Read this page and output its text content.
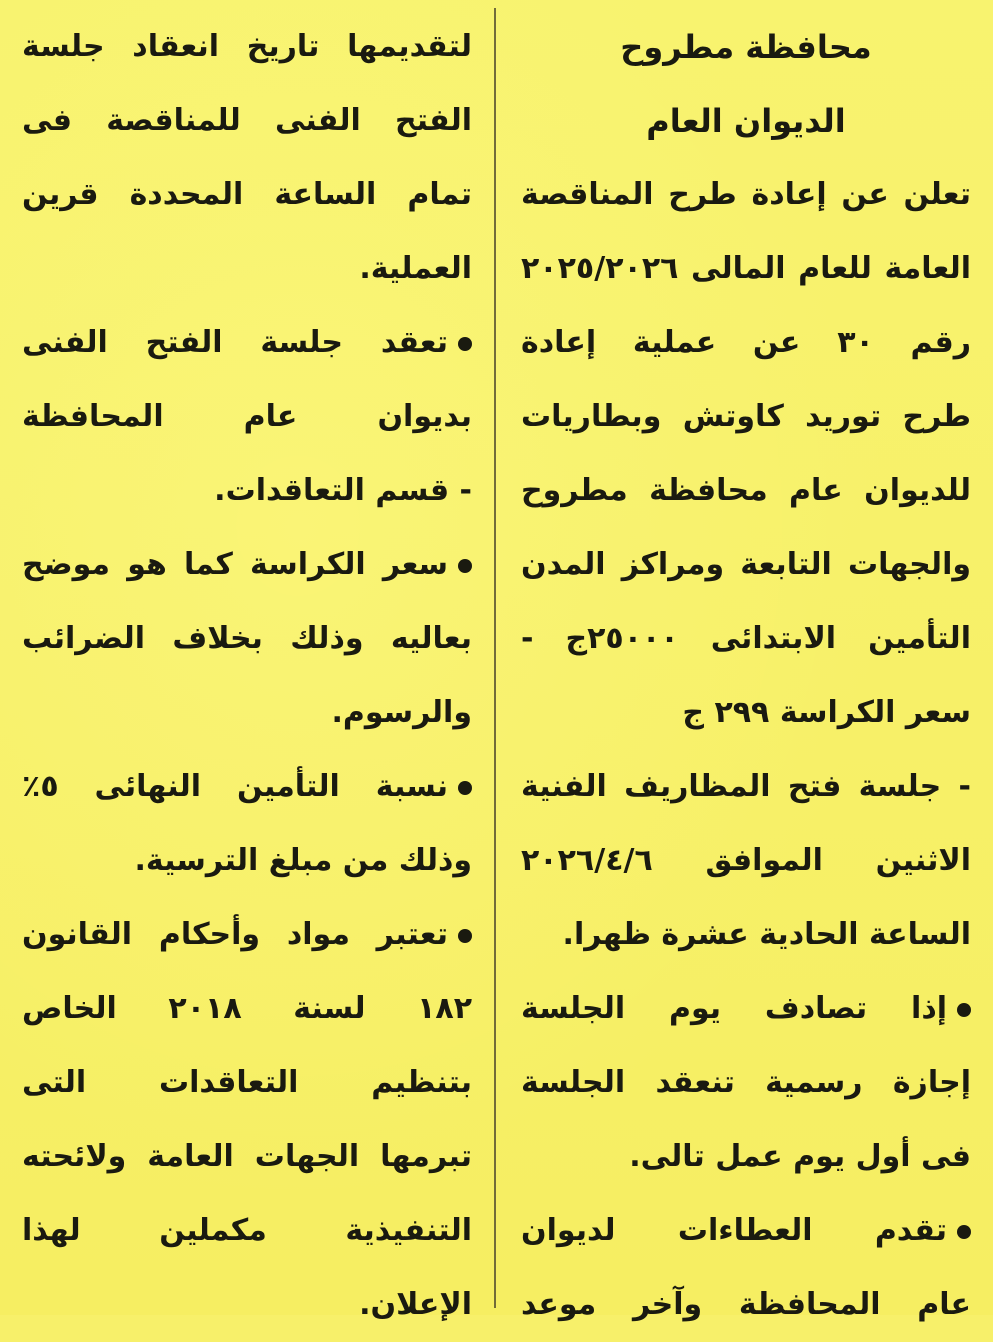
محافظة مطروح
الديوان العام
تعلن عن إعادة طرح المناقصة
العامة للعام المالى ٢٠٢٥/٢٠٢٦
رقم ٣٠ عن عملية إعادة
طرح توريد كاوتش وبطاريات
للديوان عام محافظة مطروح
والجهات التابعة ومراكز المدن
التأمين الابتدائى ٢٥٠٠٠ج -
سعر الكراسة ٢٩٩ ج
- جلسة فتح المظاريف الفنية
الاثنين الموافق ٢٠٢٦/٤/٦
الساعة الحادية عشرة ظهرا.
إذا تصادف يوم الجلسة
إجازة رسمية تنعقد الجلسة
فى أول يوم عمل تالى.
تقدم العطاءات لديوان
عام المحافظة وآخر موعد
لتقديمها تاريخ انعقاد جلسة
الفتح الفنى للمناقصة فى
تمام الساعة المحددة قرين
العملية.
تعقد جلسة الفتح الفنى
بديوان عام المحافظة
- قسم التعاقدات.
سعر الكراسة كما هو موضح
بعاليه وذلك بخلاف الضرائب
والرسوم.
نسبة التأمين النهائى ٥٪
وذلك من مبلغ الترسية.
تعتبر مواد وأحكام القانون
١٨٢ لسنة ٢٠١٨ الخاص
بتنظيم التعاقدات التى
تبرمها الجهات العامة ولائحته
التنفيذية مكملين لهذا
الإعلان.
